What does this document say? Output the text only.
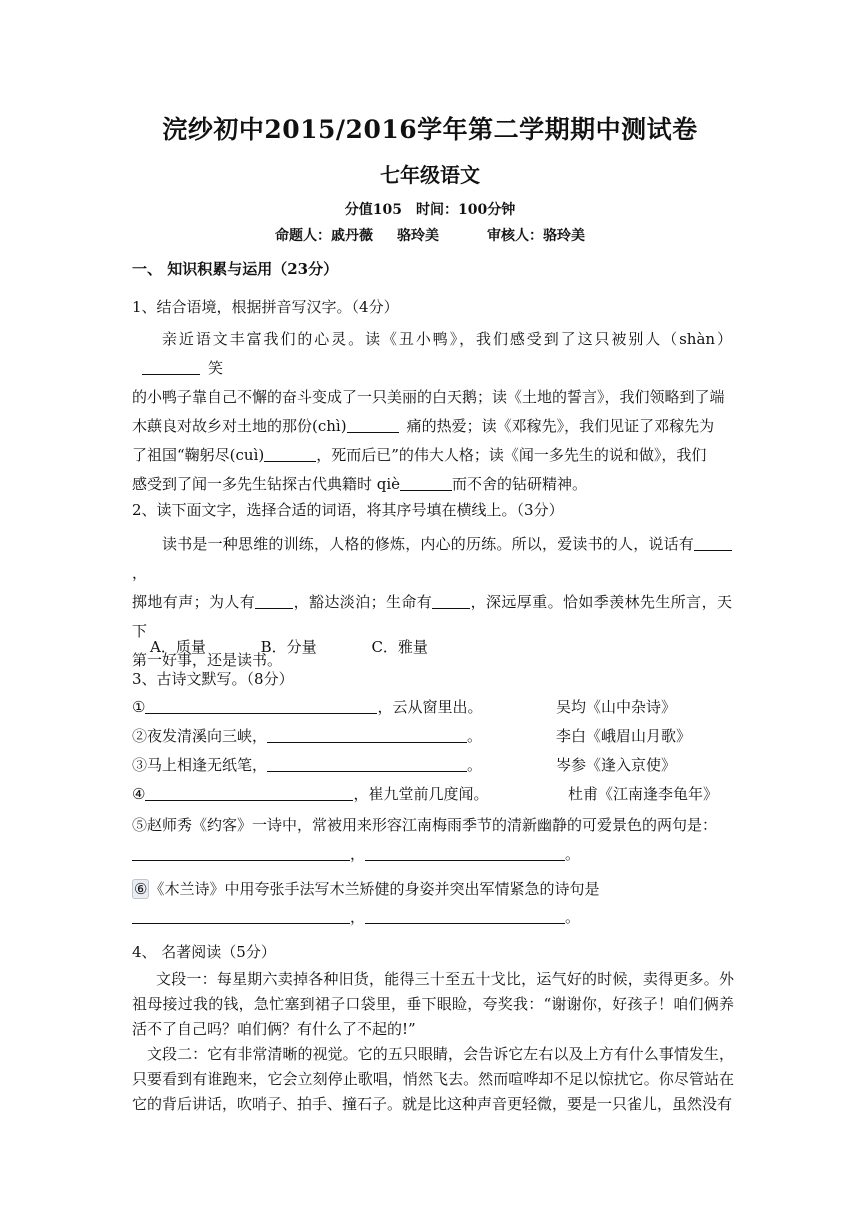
浣纱初中2015/2016学年第二学期期中测试卷
七年级语文
分值105　时间：100分钟
命题人：戚丹薇 骆玲美	审核人：骆玲美
一、 知识积累与运用（23分）
1、结合语境，根据拼音写汉字。（4分）

亲近语文丰富我们的心灵。读《丑小鸭》，我们感受到了这只被别人（shàn）笑

的小鸭子靠自己不懈的奋斗变成了一只美丽的白天鹅；读《土地的誓言》，我们领略到了端

木蕻良对故乡对土地的那份(chì)	痛的热爱；读《邓稼先》，我们见证了邓稼先为

了祖国“鞠躬尽(cuì)	，死而后已”的伟大人格；读《闻一多先生的说和做》，我们

感受到了闻一多先生钻探古代典籍时 qiè	而不舍的钻研精神。

2、读下面文字，选择合适的词语，将其序号填在横线上。（3分）

读书是一种思维的训练，人格的修炼，内心的历练。所以，爱读书的人，说话有，

掷地有声；为人有	，豁达淡泊；生命有	，深远厚重。恰如季羡林先生所言，天下

第一好事，还是读书。

A．质量	B．分量	C．雅量
3、古诗文默写。（8分）
①	，云从窗里出。	吴均《山中杂诗》
②夜发清溪向三峡，	。	李白《峨眉山月歌》
③马上相逢无纸笔，	。	岑参《逢入京使》
④	，崔九堂前几度闻。	杜甫《江南逢李龟年》
⑤赵师秀《约客》一诗中，常被用来形容江南梅雨季节的清新幽静的可爱景色的两句是：
，	。
⑥ 《木兰诗》中用夸张手法写木兰矫健的身姿并突出军情紧急的诗句是
，	。
4、 名著阅读（5分）

文段一：每星期六卖掉各种旧货，能得三十至五十戈比，运气好的时候，卖得更多。外祖母接过我的钱，急忙塞到裙子口袋里，垂下眼睑，夸奖我：“谢谢你，好孩子！咱们俩养活不了自己吗？咱们俩？有什么了不起的!”

文段二：它有非常清晰的视觉。它的五只眼睛，会告诉它左右以及上方有什么事情发生，只要看到有谁跑来，它会立刻停止歌唱，悄然飞去。然而喧哗却不足以惊扰它。你尽管站在它的背后讲话，吹哨子、拍手、撞石子。就是比这种声音更轻微，要是一只雀儿，虽然没有
